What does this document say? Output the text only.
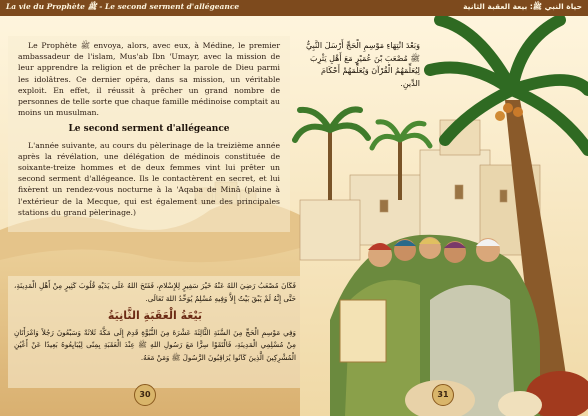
La vie du Prophète ﷺ - Le second serment d'allégeance	حياة النبي ﷺ: بيعة العقبة الثانية

Le Prophète ﷺ envoya, alors, avec eux, à Médine, le premier ambassadeur de l'islam, Mus'ab Ibn 'Umayr, avec la mission de leur apprendre la religion et de prêcher la parole de Dieu parmi les idolâtres. Ce dernier opéra, dans sa mission, un véritable exploit. En effet, il réussit à prêcher un grand nombre de personnes de telle sorte que chaque famille médinoise comptait au moins un musulman.

Le second serment d'allégeance

L'année suivante, au cours du pèlerinage de la treizième année après la révélation, une délégation de médinois constituée de soixante-treize hommes et de deux femmes vint lui prêter un second serment d'allégeance. Ils le contactèrent en secret, et lui fixèrent un rendez-vous nocturne à la 'Aqaba de Minâ (plaine à l'extérieur de la Mecque, qui est également une des principales stations du grand pèlerinage.)

وَبَعْدَ انْتِهَاءِ مَوْسِمِ الْحَجِّ أَرْسَلَ النَّبِيُّ ﷺ مُصْعَبَ بْنَ عُمَيْرٍ مَعَ أَهْلِ يَثْرِبَ لِيُعَلِّمَهُمُ الْقُرْآنَ وَيُعَلِّمَهُمْ أَحْكَامَ الدِّينِ.

فَكَانَ مُصْعَبُ رَضِيَ اللهُ عَنْهُ خَيْرَ سَفِيرٍ لِلإِسْلامِ، فَفَتَحَ اللهُ عَلَى يَدَيْهِ قُلُوبَ كَثِيرٍ مِنْ أَهْلِ الْمَدِينَةِ، حَتَّى إِنَّهُ لَمْ يَبْقَ بَيْتٌ إِلاَّ وَفِيهِ مُسْلِمٌ يُوَحِّدُ اللهَ تَعَالَى.

بَيْعَةُ الْعَقَبَةِ الثَّانِيَةُ

وَفِي مَوْسِمِ الْحَجِّ مِنَ السَّنَةِ الثَّالِثَةَ عَشْرَةَ مِنَ النُّبُوَّةِ قَدِمَ إِلَى مَكَّةَ ثَلاثَةٌ وَسَبْعُونَ رَجُلاً وَامْرَأَتَانِ مِنْ مُسْلِمِي الْمَدِينَةِ، فَالْتَقَوْا سِرًّا مَعَ رَسُولِ اللهِ ﷺ عِنْدَ الْعَقَبَةِ بِمِنًى لِيُبَايِعُوهُ بَعِيدًا عَنْ أَعْيُنِ الْمُشْرِكِينَ الَّذِينَ كَانُوا يُرَاقِبُونَ الرَّسُولَ ﷺ وَمَنْ مَعَهُ.

30	31
